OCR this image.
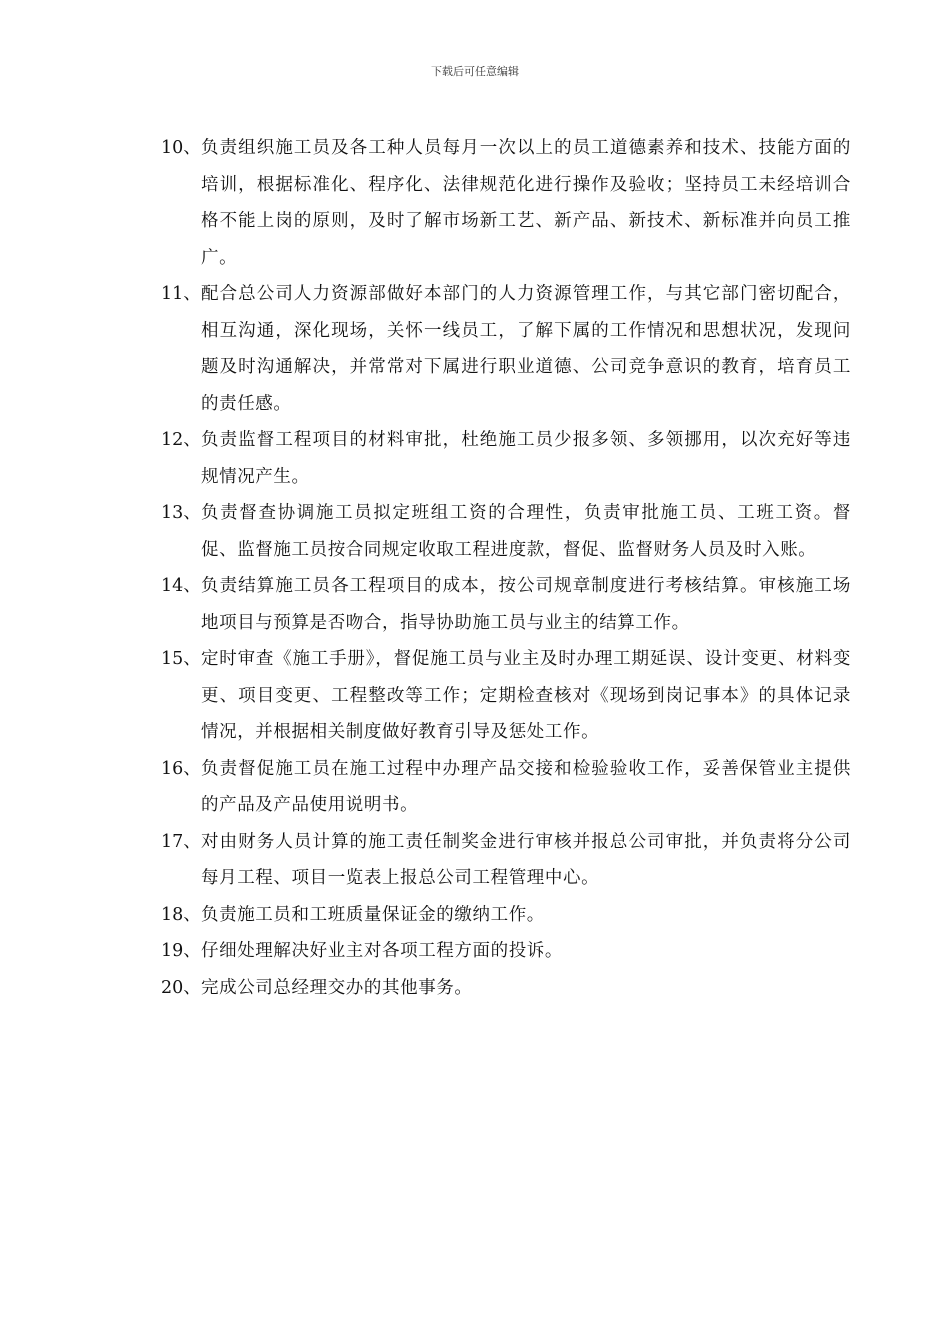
下载后可任意编辑
10、 负责组织施工员及各工种人员每月一次以上的员工道德素养和技术、技能方面的培训，根据标准化、程序化、法律规范化进行操作及验收；坚持员工未经培训合格不能上岗的原则，及时了解市场新工艺、新产品、新技术、新标准并向员工推广。
11、 配合总公司人力资源部做好本部门的人力资源管理工作，与其它部门密切配合，相互沟通，深化现场，关怀一线员工，了解下属的工作情况和思想状况，发现问题及时沟通解决，并常常对下属进行职业道德、公司竞争意识的教育，培育员工的责任感。
12、 负责监督工程项目的材料审批，杜绝施工员少报多领、多领挪用，以次充好等违规情况产生。
13、 负责督查协调施工员拟定班组工资的合理性，负责审批施工员、工班工资。督促、监督施工员按合同规定收取工程进度款，督促、监督财务人员及时入账。
14、 负责结算施工员各工程项目的成本，按公司规章制度进行考核结算。审核施工场地项目与预算是否吻合，指导协助施工员与业主的结算工作。
15、 定时审查《施工手册》，督促施工员与业主及时办理工期延误、设计变更、材料变更、项目变更、工程整改等工作；定期检查核对《现场到岗记事本》的具体记录情况，并根据相关制度做好教育引导及惩处工作。
16、 负责督促施工员在施工过程中办理产品交接和检验验收工作，妥善保管业主提供的产品及产品使用说明书。
17、 对由财务人员计算的施工责任制奖金进行审核并报总公司审批，并负责将分公司每月工程、项目一览表上报总公司工程管理中心。
18、 负责施工员和工班质量保证金的缴纳工作。
19、 仔细处理解决好业主对各项工程方面的投诉。
20、 完成公司总经理交办的其他事务。
